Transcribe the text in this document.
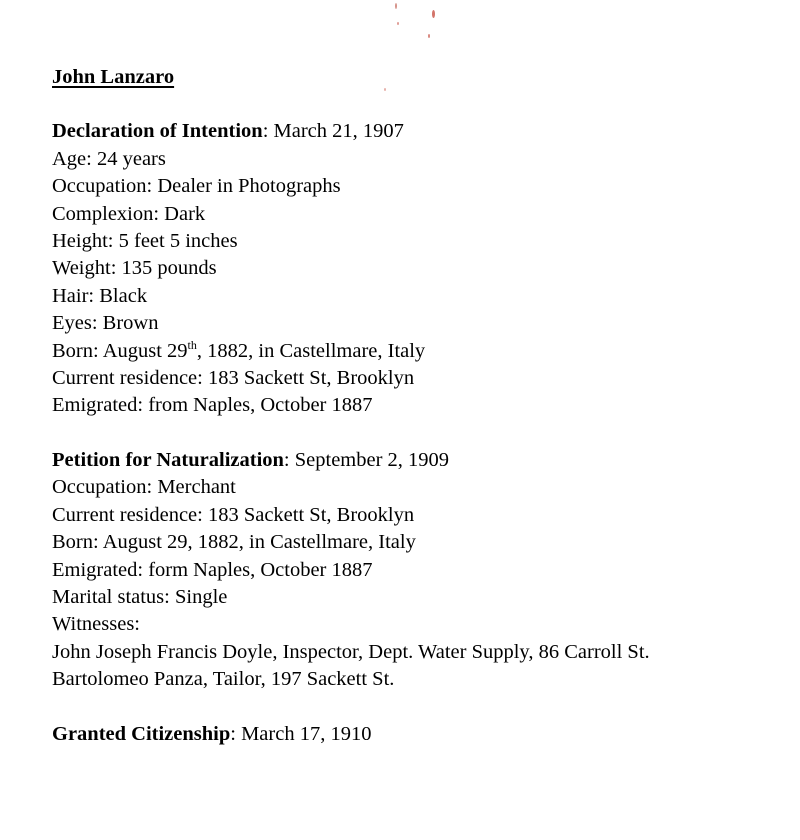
John Lanzaro
Declaration of Intention: March 21, 1907
Age: 24 years
Occupation: Dealer in Photographs
Complexion: Dark
Height: 5 feet 5 inches
Weight: 135 pounds
Hair: Black
Eyes: Brown
Born: August 29th, 1882, in Castellmare, Italy
Current residence: 183 Sackett St, Brooklyn
Emigrated: from Naples, October 1887
Petition for Naturalization: September 2, 1909
Occupation: Merchant
Current residence: 183 Sackett St, Brooklyn
Born: August 29, 1882, in Castellmare, Italy
Emigrated: form Naples, October 1887
Marital status: Single
Witnesses:
John Joseph Francis Doyle, Inspector, Dept. Water Supply, 86 Carroll St.
Bartolomeo Panza, Tailor, 197 Sackett St.
Granted Citizenship: March 17, 1910
